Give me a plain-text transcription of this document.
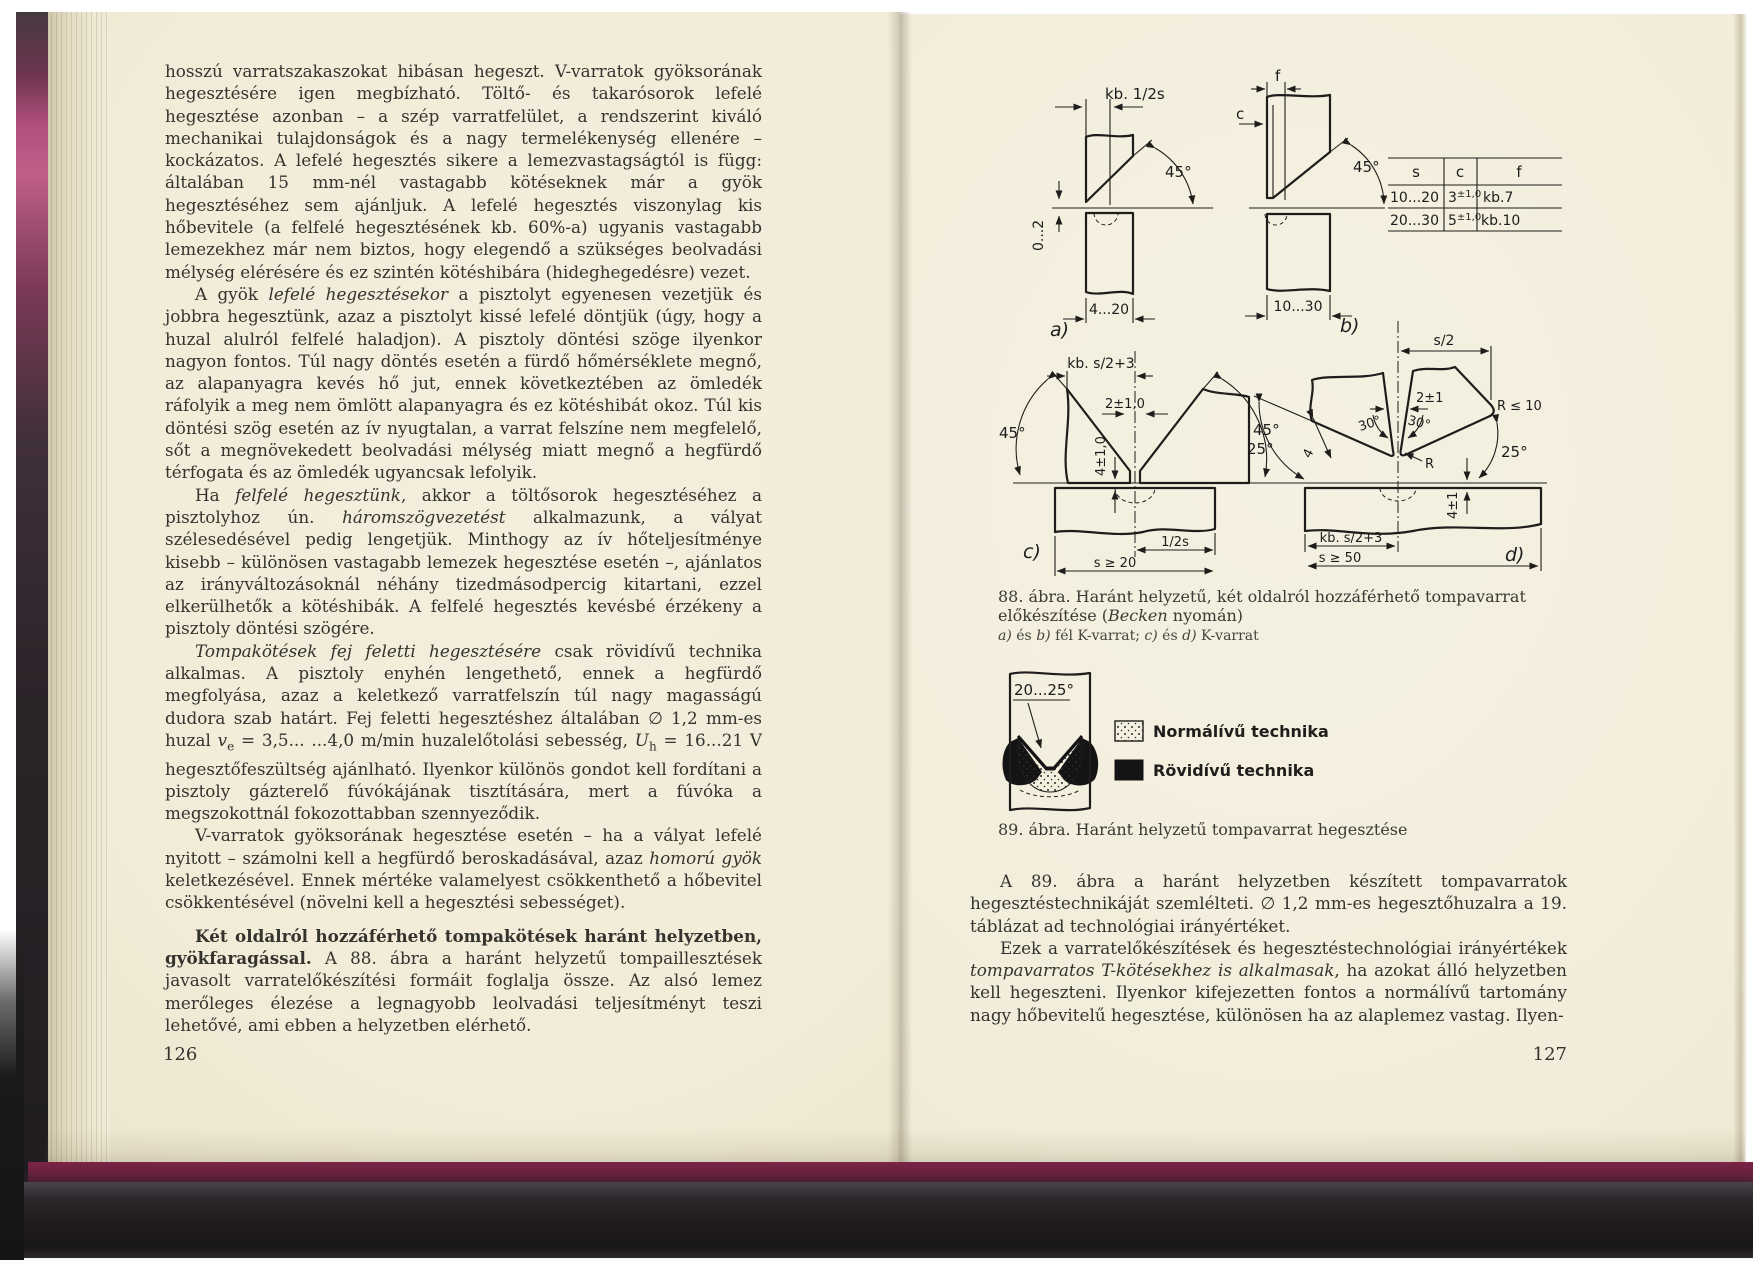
hosszú varratszakaszokat hibásan hegeszt. V-varratok gyöksorának hegesztésére igen megbízható. Töltő- és takarósorok lefelé hegesztése azonban – a szép varratfelület, a rendszerint kiváló mechanikai tulajdonságok és a nagy termelékenység ellenére – kockázatos. A lefelé hegesztés sikere a lemezvastagságtól is függ: általában 15 mm-nél vastagabb kötéseknek már a gyök hegesztéséhez sem ajánljuk. A lefelé hegesztés viszonylag kis hőbevitele (a felfelé hegesztésének kb. 60%-a) ugyanis vastagabb lemezekhez már nem biztos, hogy elegendő a szükséges beolvadási mélység elérésére és ez szintén kötéshibára (hideghegedésre) vezet.
A gyök lefelé hegesztésekor a pisztolyt egyenesen vezetjük és jobbra hegesztünk, azaz a pisztolyt kissé lefelé döntjük (úgy, hogy a huzal alulról felfelé haladjon). A pisztoly döntési szöge ilyenkor nagyon fontos. Túl nagy döntés esetén a fürdő hőmérséklete megnő, az alapanyagra kevés hő jut, ennek következtében az ömledék ráfolyik a meg nem ömlött alapanyagra és ez kötéshibát okoz. Túl kis döntési szög esetén az ív nyugtalan, a varrat felszíne nem megfelelő, sőt a megnövekedett beolvadási mélység miatt megnő a hegfürdő térfogata és az ömledék ugyancsak lefolyik.
Ha felfelé hegesztünk, akkor a töltősorok hegesztéséhez a pisztolyhoz ún. háromszögvezetést alkalmazunk, a vályat szélesedésével pedig lengetjük. Minthogy az ív hőteljesítménye kisebb – különösen vastagabb lemezek hegesztése esetén –, ajánlatos az irányváltozásoknál néhány tizedmásodpercig kitartani, ezzel elkerülhetők a kötéshibák. A felfelé hegesztés kevésbé érzékeny a pisztoly döntési szögére.
Tompakötések fej feletti hegesztésére csak rövidívű technika alkalmas. A pisztoly enyhén lengethető, ennek a hegfürdő megfolyása, azaz a keletkező varratfelszín túl nagy magasságú dudora szab határt. Fej feletti hegesztéshez általában ∅ 1,2 mm-es huzal $v_e = 3,5$... ...4,0 m/min huzalelőtolási sebesség, $U_h = 16...21$ V hegesztőfeszültség ajánlható. Ilyenkor különös gondot kell fordítani a pisztoly gázterelő fúvókájának tisztítására, mert a fúvóka a megszokottnál fokozottabban szennyeződik.
V-varratok gyöksorának hegesztése esetén – ha a vályat lefelé nyitott – számolni kell a hegfürdő beroskadásával, azaz homorú gyök keletkezésével. Ennek mértéke valamelyest csökkenthető a hőbevitel csökkentésével (növelni kell a hegesztési sebességet).
Két oldalról hozzáférhető tompakötések haránt helyzetben, gyökfaragással. A 88. ábra a haránt helyzetű tompaillesztések javasolt varratelőkészítési formáit foglalja össze. Az alsó lemez merőleges élezése a legnagyobb leolvadási teljesítményt teszi lehetővé, ami ebben a helyzetben elérhető.
126
kb. 1/2s
45°
0...2
4...20
a)
f
c
45°
10...30
b)
s c	f
10...20 $3^{\pm 1,0}$ kb.7
20...30 $5^{\pm 1,0}$ kb.10
kb. s/2+3
45°	45°
2±1,0
4±1,0
1/2s
s ≥ 20
c)
25° 4	25°
30° 30°
2±1
R
R ≤ 10
s/2
4±1
kb. s/2+3
s ≥ 50	d)
88. ábra. Haránt helyzetű, két oldalról hozzáférhető tompavarrat
előkészítése (Becken nyomán)
a) és b) fél K-varrat; c) és d) K-varrat
20...25°
Normálívű technika
Rövidívű technika
89. ábra. Haránt helyzetű tompavarrat hegesztése
A 89. ábra a haránt helyzetben készített tompavarratok hegesztéstechnikáját szemlélteti. ∅ 1,2 mm-es hegesztőhuzalra a 19. táblázat ad technológiai irányértéket.
Ezek a varratelőkészítések és hegesztéstechnológiai irányértékek tompavarratos T-kötésekhez is alkalmasak, ha azokat álló helyzetben kell hegeszteni. Ilyenkor kifejezetten fontos a normálívű tartomány nagy hőbevitelű hegesztése, különösen ha az alaplemez vastag. Ilyen-
127
